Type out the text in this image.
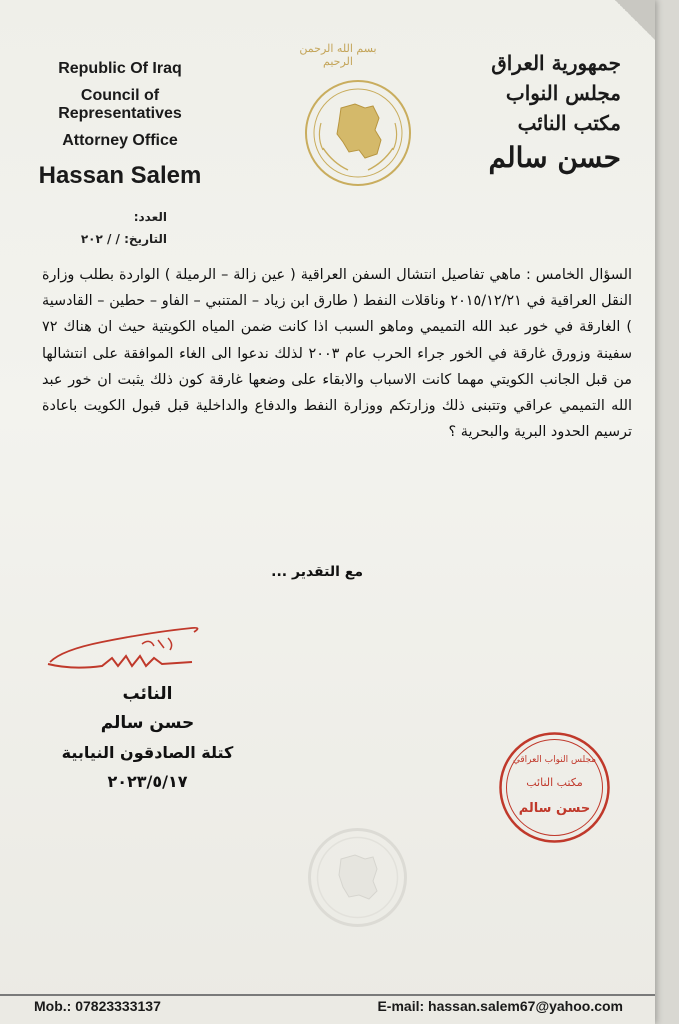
Republic Of Iraq
Council of Representatives
Attorney Office
Hassan Salem
جمهورية العراق
مجلس النواب
مكتب النائب
حسن سالم
بسم الله الرحمن الرحيم
العدد:
التاريخ: / / ٢٠٢

السؤال الخامس : ماهي تفاصيل انتشال السفن العراقية ( عين زالة – الرميلة ) الواردة بطلب وزارة النقل العراقية في ٢٠١٥/١٢/٢١ وناقلات النفط ( طارق ابن زياد – المتنبي – الفاو – حطين – القادسية ) الغارقة في خور عبد الله التميمي وماهو السبب اذا كانت ضمن المياه الكويتية حيث ان هناك ٧٢ سفينة وزورق غارقة في الخور جراء الحرب عام ٢٠٠٣ لذلك ندعوا الى الغاء الموافقة على انتشالها من قبل الجانب الكويتي مهما كانت الاسباب والابقاء على وضعها غارقة كون ذلك يثبت ان خور عبد الله التميمي عراقي وتتبنى ذلك وزارتكم ووزارة النفط والدفاع والداخلية قبل قبول الكويت باعادة ترسيم الحدود البرية والبحرية ؟

مع التقدير ...
النائب
حسن سالم
كتلة الصادقون النيابية
٢٠٢٣/٥/١٧
مجلس النواب العراقي
مكتب النائب
حسن سالم
Mob.: 07823333137	E-mail: hassan.salem67@yahoo.com
